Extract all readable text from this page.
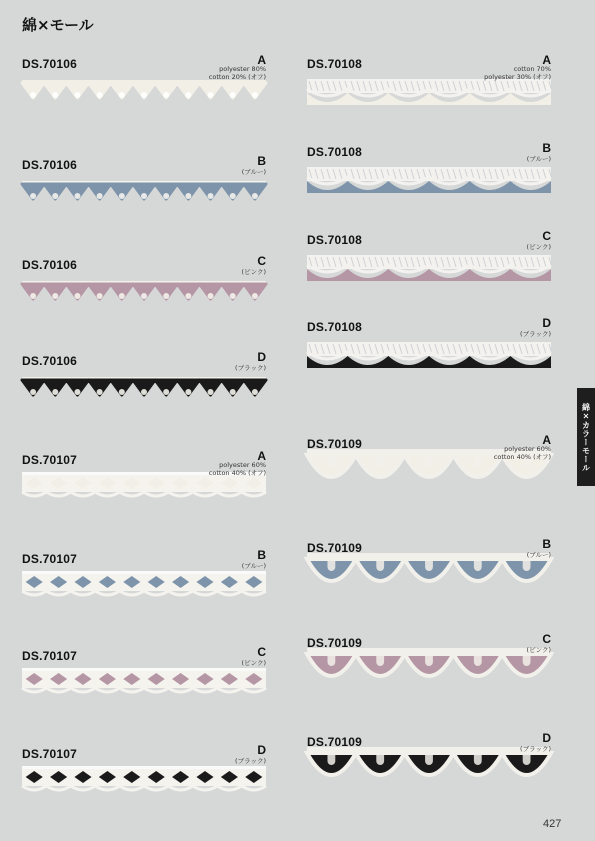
綿×モール
綿×カラーモール
427
DS.70106	A
polyester 80%
cotton 20% (オフ)
DS.70106	B
(ブルー)
DS.70106	C
(ピンク)
DS.70106	D
(ブラック)
DS.70107	A
polyester 60%
cotton 40% (オフ)
DS.70107	B
(ブルー)
DS.70107	C
(ピンク)
DS.70107	D
(ブラック)
DS.70108	A
cotton 70%
polyester 30% (オフ)
DS.70108	B
(ブルー)
DS.70108	C
(ピンク)
DS.70108	D
(ブラック)
DS.70109	A
polyester 60%
cotton 40% (オフ)
DS.70109	B
(ブルー)
DS.70109	C
(ピンク)
DS.70109	D
(ブラック)
